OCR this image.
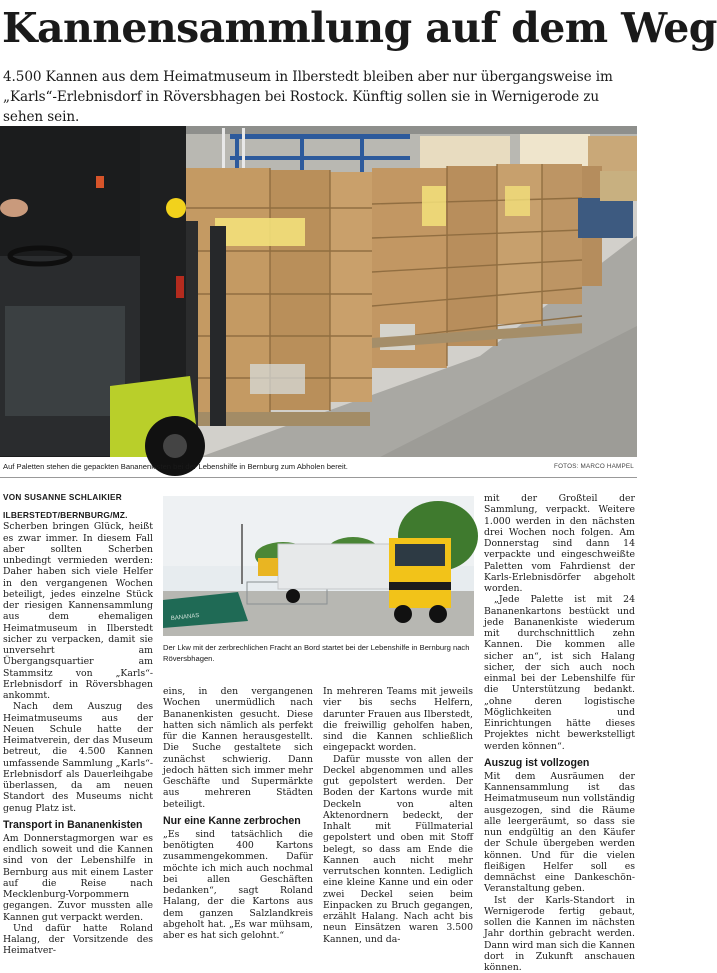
Kannensammlung auf dem Weg

4.500 Kannen aus dem Heimatmuseum in Ilberstedt bleiben aber nur übergangsweise im „Karls“-Erlebnisdorf in Röversbhagen bei Rostock. Künftig sollen sie in Wernigerode zu sehen sein.

Auf Paletten stehen die gepackten Bananenkisten bei der Lebenshilfe in Bernburg zum Abholen bereit.	FOTOS: MARCO HAMPEL
VON SUSANNE SCHLAIKIER

ILBERSTEDT/BERNBURG/MZ.
Scherben bringen Glück, heißt es zwar immer. In diesem Fall aber sollten Scherben unbedingt vermieden werden: Daher haben sich viele Helfer in den vergangenen Wochen beteiligt, jedes einzelne Stück der riesigen Kannensammlung aus dem ehemaligen Heimatmuseum in Ilberstedt sicher zu verpacken, damit sie unversehrt am Übergangsquartier am Stammsitz von „Karls“-Erlebnisdorf in Röversbhagen ankommt.

Nach dem Auszug des Heimatmuseums aus der Neuen Schule hatte der Heimatverein, der das Museum betreut, die 4.500 Kannen umfassende Sammlung „Karls“-Erlebnisdorf als Dauerleihgabe überlassen, da am neuen Standort des Museums nicht genug Platz ist.

Transport in Bananenkisten

Am Donnerstagmorgen war es endlich soweit und die Kannen sind von der Lebenshilfe in Bernburg aus mit einem Laster auf die Reise nach Mecklenburg-Vorpommern gegangen. Zuvor mussten alle Kannen gut verpackt werden.

Und dafür hatte Roland Halang, der Vorsitzende des Heimatver-

BANANAS
Der Lkw mit der zerbrechlichen Fracht an Bord startet bei der Lebenshilfe in Bernburg nach Röversbhagen.

eins, in den vergangenen Wochen unermüdlich nach Bananenkisten gesucht. Diese hatten sich nämlich als perfekt für die Kannen herausgestellt. Die Suche gestaltete sich zunächst schwierig. Dann jedoch hätten sich immer mehr Geschäfte und Supermärkte aus mehreren Städten beteiligt.

Nur eine Kanne zerbrochen

„Es sind tatsächlich die benötigten 400 Kartons zusammengekommen. Dafür möchte ich mich auch nochmal bei allen Geschäften bedanken“, sagt Roland Halang, der die Kartons aus dem ganzen Salzlandkreis abgeholt hat. „Es war mühsam, aber es hat sich gelohnt.“

In mehreren Teams mit jeweils vier bis sechs Helfern, darunter Frauen aus Ilberstedt, die freiwillig geholfen haben, sind die Kannen schließlich eingepackt worden.

Dafür musste von allen der Deckel abgenommen und alles gut gepolstert werden. Der Boden der Kartons wurde mit Deckeln von alten Aktenordnern bedeckt, der Inhalt mit Füllmaterial gepolstert und oben mit Stoff belegt, so dass am Ende die Kannen auch nicht mehr verrutschen konnten. Lediglich eine kleine Kanne und ein oder zwei Deckel seien beim Einpacken zu Bruch gegangen, erzählt Halang. Nach acht bis neun Einsätzen waren 3.500 Kannen, und da-

mit der Großteil der Sammlung, verpackt. Weitere 1.000 werden in den nächsten drei Wochen noch folgen. Am Donnerstag sind dann 14 verpackte und eingeschweißte Paletten vom Fahrdienst der Karls-Erlebnisdörfer abgeholt worden.

„Jede Palette ist mit 24 Bananenkartons bestückt und jede Bananenkiste wiederum mit durchschnittlich zehn Kannen. Die kommen alle sicher an“, ist sich Halang sicher, der sich auch noch einmal bei der Lebenshilfe für die Unterstützung bedankt. „ohne deren logistische Möglichkeiten und Einrichtungen hätte dieses Projektes nicht bewerkstelligt werden können“.

Auszug ist vollzogen

Mit dem Ausräumen der Kannensammlung ist das Heimatmuseum nun vollständig ausgezogen, sind die Räume alle leergeräumt, so dass sie nun endgültig an den Käufer der Schule übergeben werden können. Und für die vielen fleißigen Helfer soll es demnächst eine Dankeschön-Veranstaltung geben.

Ist der Karls-Standort in Wernigerode fertig gebaut, sollen die Kannen im nächsten Jahr dorthin gebracht werden. Dann wird man sich die Kannen dort in Zukunft anschauen können.
